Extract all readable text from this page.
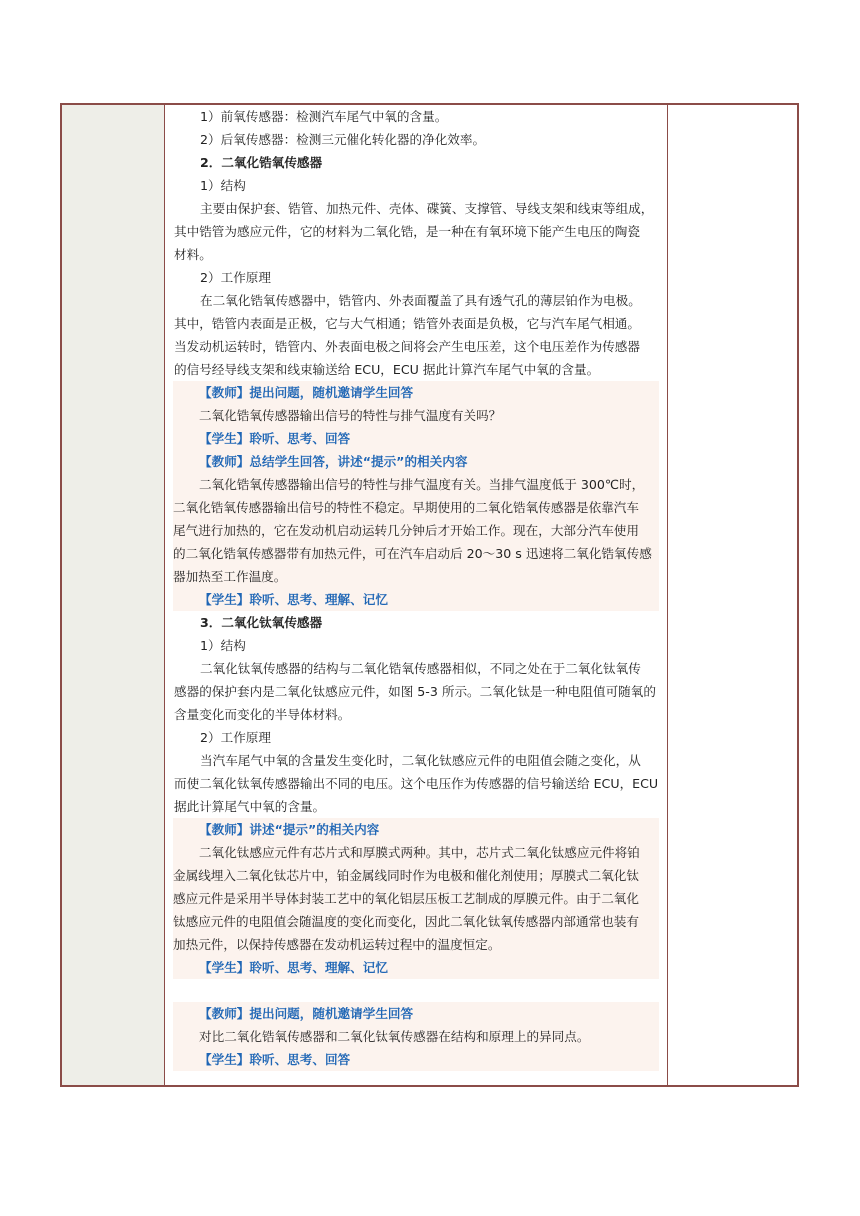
1）前氧传感器：检测汽车尾气中氧的含量。
2）后氧传感器：检测三元催化转化器的净化效率。
2．二氧化锆氧传感器
1）结构
主要由保护套、锆管、加热元件、壳体、碟簧、支撑管、导线支架和线束等组成，
其中锆管为感应元件，它的材料为二氧化锆，是一种在有氧环境下能产生电压的陶瓷
材料。
2）工作原理
在二氧化锆氧传感器中，锆管内、外表面覆盖了具有透气孔的薄层铂作为电极。
其中，锆管内表面是正极，它与大气相通；锆管外表面是负极，它与汽车尾气相通。
当发动机运转时，锆管内、外表面电极之间将会产生电压差，这个电压差作为传感器
的信号经导线支架和线束输送给 ECU，ECU 据此计算汽车尾气中氧的含量。
【教师】提出问题，随机邀请学生回答
二氧化锆氧传感器输出信号的特性与排气温度有关吗？
【学生】聆听、思考、回答
【教师】总结学生回答，讲述“提示”的相关内容
二氧化锆氧传感器输出信号的特性与排气温度有关。当排气温度低于 300℃时，
二氧化锆氧传感器输出信号的特性不稳定。早期使用的二氧化锆氧传感器是依靠汽车
尾气进行加热的，它在发动机启动运转几分钟后才开始工作。现在，大部分汽车使用
的二氧化锆氧传感器带有加热元件，可在汽车启动后 20～30 s 迅速将二氧化锆氧传感
器加热至工作温度。
【学生】聆听、思考、理解、记忆
3．二氧化钛氧传感器
1）结构
二氧化钛氧传感器的结构与二氧化锆氧传感器相似，不同之处在于二氧化钛氧传
感器的保护套内是二氧化钛感应元件，如图 5-3 所示。二氧化钛是一种电阻值可随氧的
含量变化而变化的半导体材料。
2）工作原理
当汽车尾气中氧的含量发生变化时，二氧化钛感应元件的电阻值会随之变化，从
而使二氧化钛氧传感器输出不同的电压。这个电压作为传感器的信号输送给 ECU，ECU
据此计算尾气中氧的含量。
【教师】讲述“提示”的相关内容
二氧化钛感应元件有芯片式和厚膜式两种。其中，芯片式二氧化钛感应元件将铂
金属线埋入二氧化钛芯片中，铂金属线同时作为电极和催化剂使用；厚膜式二氧化钛
感应元件是采用半导体封装工艺中的氧化铝层压板工艺制成的厚膜元件。由于二氧化
钛感应元件的电阻值会随温度的变化而变化，因此二氧化钛氧传感器内部通常也装有
加热元件，以保持传感器在发动机运转过程中的温度恒定。
【学生】聆听、思考、理解、记忆
【教师】提出问题，随机邀请学生回答
对比二氧化锆氧传感器和二氧化钛氧传感器在结构和原理上的异同点。
【学生】聆听、思考、回答
